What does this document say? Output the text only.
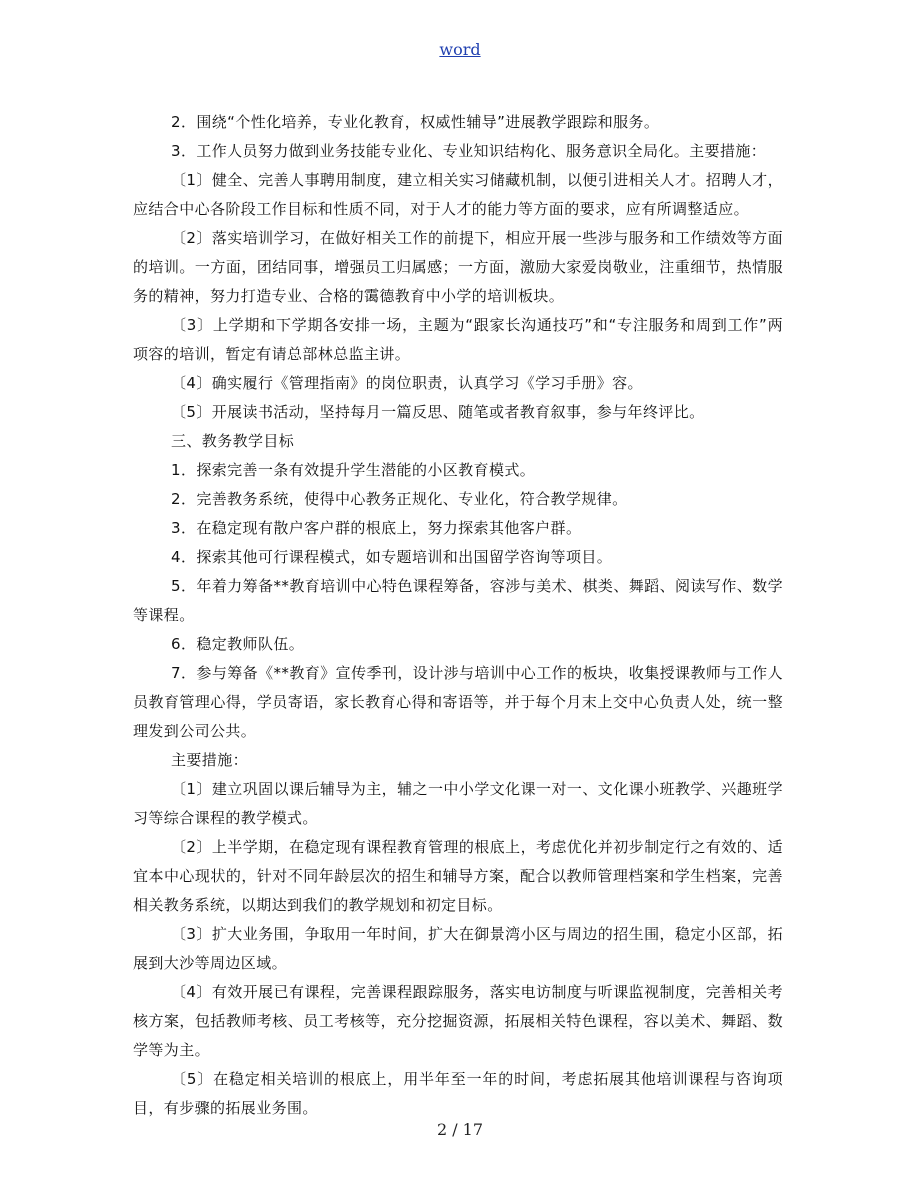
word

2．围绕“个性化培养，专业化教育，权威性辅导”进展教学跟踪和服务。

3．工作人员努力做到业务技能专业化、专业知识结构化、服务意识全局化。主要措施：

〔1〕健全、完善人事聘用制度，建立相关实习储藏机制，以便引进相关人才。招聘人才，应结合中心各阶段工作目标和性质不同，对于人才的能力等方面的要求，应有所调整适应。

〔2〕落实培训学习，在做好相关工作的前提下，相应开展一些涉与服务和工作绩效等方面的培训。一方面，团结同事，增强员工归属感；一方面，激励大家爱岗敬业，注重细节，热情服务的精神，努力打造专业、合格的霭德教育中小学的培训板块。

〔3〕上学期和下学期各安排一场，主题为“跟家长沟通技巧”和“专注服务和周到工作”两项容的培训，暂定有请总部林总监主讲。

〔4〕确实履行《管理指南》的岗位职责，认真学习《学习手册》容。

〔5〕开展读书活动，坚持每月一篇反思、随笔或者教育叙事，参与年终评比。

三、教务教学目标

1．探索完善一条有效提升学生潜能的小区教育模式。

2．完善教务系统，使得中心教务正规化、专业化，符合教学规律。

3．在稳定现有散户客户群的根底上，努力探索其他客户群。

4．探索其他可行课程模式，如专题培训和出国留学咨询等项目。

5．年着力筹备**教育培训中心特色课程筹备，容涉与美术、棋类、舞蹈、阅读写作、数学等课程。

6．稳定教师队伍。

7．参与筹备《**教育》宣传季刊，设计涉与培训中心工作的板块，收集授课教师与工作人员教育管理心得，学员寄语，家长教育心得和寄语等，并于每个月末上交中心负责人处，统一整理发到公司公共。

主要措施：

〔1〕建立巩固以课后辅导为主，辅之一中小学文化课一对一、文化课小班教学、兴趣班学习等综合课程的教学模式。

〔2〕上半学期，在稳定现有课程教育管理的根底上，考虑优化并初步制定行之有效的、适宜本中心现状的，针对不同年龄层次的招生和辅导方案，配合以教师管理档案和学生档案，完善相关教务系统，以期达到我们的教学规划和初定目标。

〔3〕扩大业务围，争取用一年时间，扩大在御景湾小区与周边的招生围，稳定小区部，拓展到大沙等周边区域。

〔4〕有效开展已有课程，完善课程跟踪服务，落实电访制度与听课监视制度，完善相关考核方案，包括教师考核、员工考核等，充分挖掘资源，拓展相关特色课程，容以美术、舞蹈、数学等为主。

〔5〕在稳定相关培训的根底上，用半年至一年的时间，考虑拓展其他培训课程与咨询项目，有步骤的拓展业务围。

2 / 17
